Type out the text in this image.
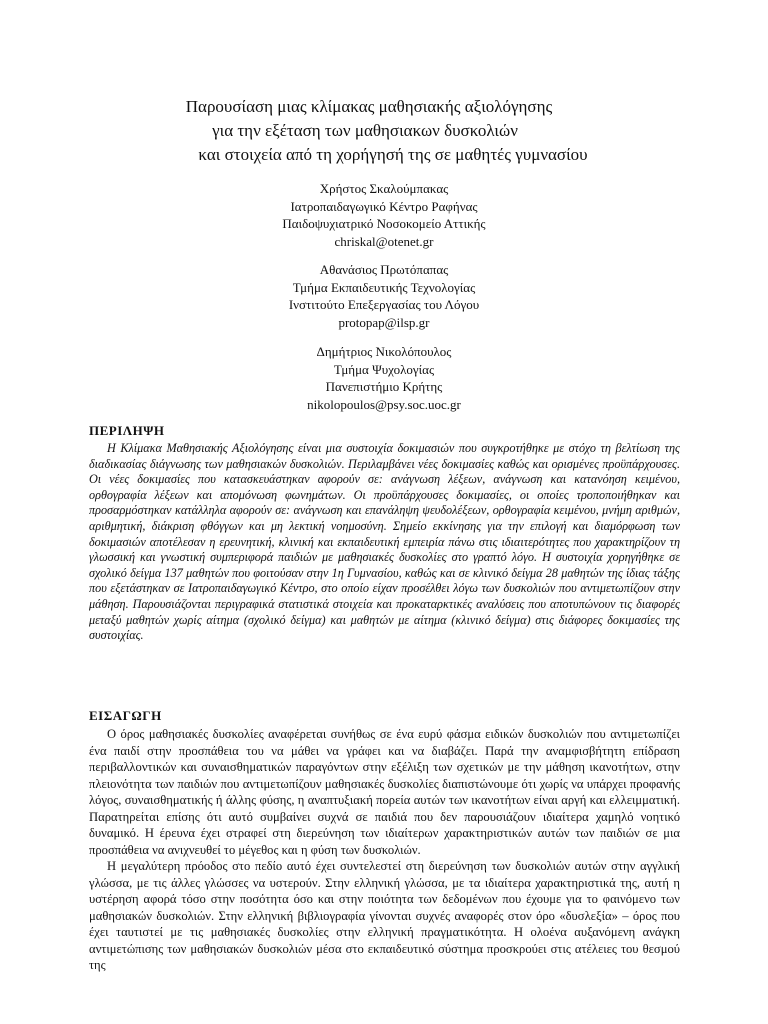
Παρουσίαση μιας κλίμακας μαθησιακής αξιολόγησης
για την εξέταση των μαθησιακων δυσκολιών
και στοιχεία από τη χορήγησή της σε μαθητές γυμνασίου
Χρήστος Σκαλούμπακας
Ιατροπαιδαγωγικό Κέντρο Ραφήνας
Παιδοψυχιατρικό Νοσοκομείο Αττικής
chriskal@otenet.gr
Αθανάσιος Πρωτόπαπας
Τμήμα Εκπαιδευτικής Τεχνολογίας
Ινστιτούτο Επεξεργασίας του Λόγου
protopap@ilsp.gr
Δημήτριος Νικολόπουλος
Τμήμα Ψυχολογίας
Πανεπιστήμιο Κρήτης
nikolopoulos@psy.soc.uoc.gr
ΠΕΡΙΛΗΨΗ

Η Κλίμακα Μαθησιακής Αξιολόγησης είναι μια συστοιχία δοκιμασιών που συγκροτήθηκε με στόχο τη βελτίωση της διαδικασίας διάγνωσης των μαθησιακών δυσκολιών. Περιλαμβάνει νέες δοκιμασίες καθώς και ορισμένες προϋπάρχουσες. Οι νέες δοκιμασίες που κατασκευάστηκαν αφορούν σε: ανάγνωση λέξεων, ανάγνωση και κατανόηση κειμένου, ορθογραφία λέξεων και απομόνωση φωνημάτων. Οι προϋπάρχουσες δοκιμασίες, οι οποίες τροποποιήθηκαν και προσαρμόστηκαν κατάλληλα αφορούν σε: ανάγνωση και επανάληψη ψευδολέξεων, ορθογραφία κειμένου, μνήμη αριθμών, αριθμητική, διάκριση φθόγγων και μη λεκτική νοημοσύνη. Σημείο εκκίνησης για την επιλογή και διαμόρφωση των δοκιμασιών αποτέλεσαν η ερευνητική, κλινική και εκπαιδευτική εμπειρία πάνω στις ιδιαιτερότητες που χαρακτηρίζουν τη γλωσσική και γνωστική συμπεριφορά παιδιών με μαθησιακές δυσκολίες στο γραπτό λόγο. Η συστοιχία χορηγήθηκε σε σχολικό δείγμα 137 μαθητών που φοιτούσαν στην 1η Γυμνασίου, καθώς και σε κλινικό δείγμα 28 μαθητών της ίδιας τάξης που εξετάστηκαν σε Ιατροπαιδαγωγικό Κέντρο, στο οποίο είχαν προσέλθει λόγω των δυσκολιών που αντιμετωπίζουν στην μάθηση. Παρουσιάζονται περιγραφικά στατιστικά στοιχεία και προκαταρκτικές αναλύσεις που αποτυπώνουν τις διαφορές μεταξύ μαθητών χωρίς αίτημα (σχολικό δείγμα) και μαθητών με αίτημα (κλινικό δείγμα) στις διάφορες δοκιμασίες της συστοιχίας.

ΕΙΣΑΓΩΓΗ

Ο όρος μαθησιακές δυσκολίες αναφέρεται συνήθως σε ένα ευρύ φάσμα ειδικών δυσκολιών που αντιμετωπίζει ένα παιδί στην προσπάθεια του να μάθει να γράφει και να διαβάζει. Παρά την αναμφισβήτητη επίδραση περιβαλλοντικών και συναισθηματικών παραγόντων στην εξέλιξη των σχετικών με την μάθηση ικανοτήτων, στην πλειονότητα των παιδιών που αντιμετωπίζουν μαθησιακές δυσκολίες διαπιστώνουμε ότι χωρίς να υπάρχει προφανής λόγος, συναισθηματικής ή άλλης φύσης, η αναπτυξιακή πορεία αυτών των ικανοτήτων είναι αργή και ελλειμματική. Παρατηρείται επίσης ότι αυτό συμβαίνει συχνά σε παιδιά που δεν παρουσιάζουν ιδιαίτερα χαμηλό νοητικό δυναμικό. Η έρευνα έχει στραφεί στη διερεύνηση των ιδιαίτερων χαρακτηριστικών αυτών των παιδιών σε μια προσπάθεια να ανιχνευθεί το μέγεθος και η φύση των δυσκολιών.

Η μεγαλύτερη πρόοδος στο πεδίο αυτό έχει συντελεστεί στη διερεύνηση των δυσκολιών αυτών στην αγγλική γλώσσα, με τις άλλες γλώσσες να υστερούν. Στην ελληνική γλώσσα, με τα ιδιαίτερα χαρακτηριστικά της, αυτή η υστέρηση αφορά τόσο στην ποσότητα όσο και στην ποιότητα των δεδομένων που έχουμε για το φαινόμενο των μαθησιακών δυσκολιών. Στην ελληνική βιβλιογραφία γίνονται συχνές αναφορές στον όρο «δυσλεξία» – όρος που έχει ταυτιστεί με τις μαθησιακές δυσκολίες στην ελληνική πραγματικότητα. Η ολοένα αυξανόμενη ανάγκη αντιμετώπισης των μαθησιακών δυσκολιών μέσα στο εκπαιδευτικό σύστημα προσκρούει στις ατέλειες του θεσμού της
